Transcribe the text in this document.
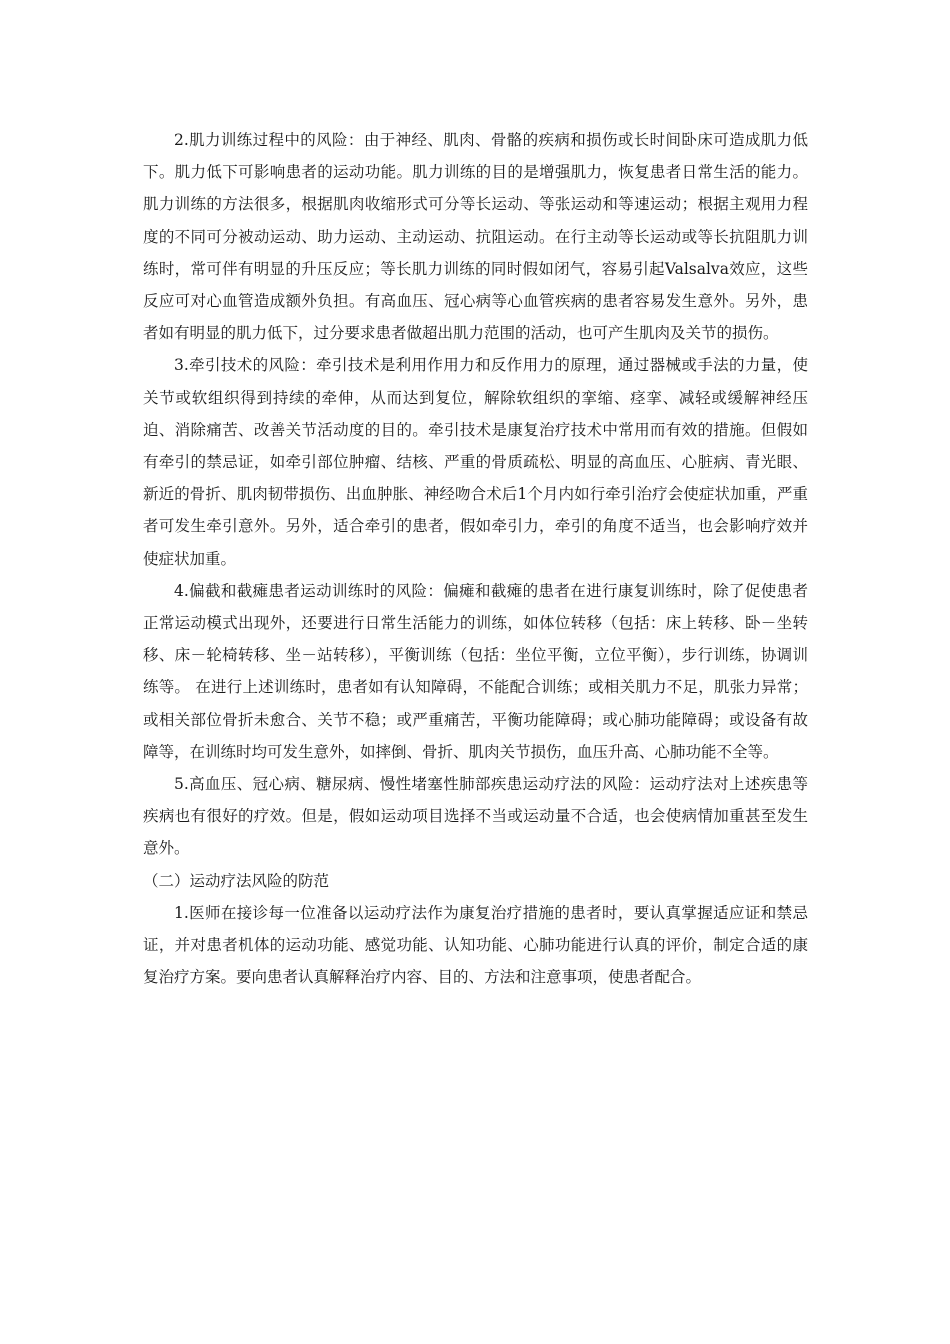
2.肌力训练过程中的风险：由于神经、肌肉、骨骼的疾病和损伤或长时间卧床可造成肌力低下。肌力低下可影响患者的运动功能。肌力训练的目的是增强肌力，恢复患者日常生活的能力。肌力训练的方法很多，根据肌肉收缩形式可分等长运动、等张运动和等速运动；根据主观用力程度的不同可分被动运动、助力运动、主动运动、抗阻运动。在行主动等长运动或等长抗阻肌力训练时，常可伴有明显的升压反应；等长肌力训练的同时假如闭气，容易引起Valsalva效应，这些反应可对心血管造成额外负担。有高血压、冠心病等心血管疾病的患者容易发生意外。另外，患者如有明显的肌力低下，过分要求患者做超出肌力范围的活动，也可产生肌肉及关节的损伤。

3.牵引技术的风险：牵引技术是利用作用力和反作用力的原理，通过器械或手法的力量，使关节或软组织得到持续的牵伸，从而达到复位，解除软组织的挛缩、痉挛、减轻或缓解神经压迫、消除痛苦、改善关节活动度的目的。牵引技术是康复治疗技术中常用而有效的措施。但假如有牵引的禁忌证，如牵引部位肿瘤、结核、严重的骨质疏松、明显的高血压、心脏病、青光眼、新近的骨折、肌肉韧带损伤、出血肿胀、神经吻合术后1个月内如行牵引治疗会使症状加重，严重者可发生牵引意外。另外，适合牵引的患者，假如牵引力，牵引的角度不适当，也会影响疗效并使症状加重。

4.偏截和截瘫患者运动训练时的风险：偏瘫和截瘫的患者在进行康复训练时，除了促使患者正常运动模式出现外，还要进行日常生活能力的训练，如体位转移（包括：床上转移、卧－坐转移、床－轮椅转移、坐－站转移），平衡训练（包括：坐位平衡，立位平衡），步行训练，协调训练等。 在进行上述训练时，患者如有认知障碍，不能配合训练；或相关肌力不足，肌张力异常；或相关部位骨折未愈合、关节不稳；或严重痛苦，平衡功能障碍；或心肺功能障碍；或设备有故障等，在训练时均可发生意外，如摔倒、骨折、肌肉关节损伤，血压升高、心肺功能不全等。

5.高血压、冠心病、糖尿病、慢性堵塞性肺部疾患运动疗法的风险：运动疗法对上述疾患等疾病也有很好的疗效。但是，假如运动项目选择不当或运动量不合适，也会使病情加重甚至发生意外。

（二）运动疗法风险的防范

1.医师在接诊每一位准备以运动疗法作为康复治疗措施的患者时，要认真掌握适应证和禁忌证，并对患者机体的运动功能、感觉功能、认知功能、心肺功能进行认真的评价，制定合适的康复治疗方案。要向患者认真解释治疗内容、目的、方法和注意事项，使患者配合。
